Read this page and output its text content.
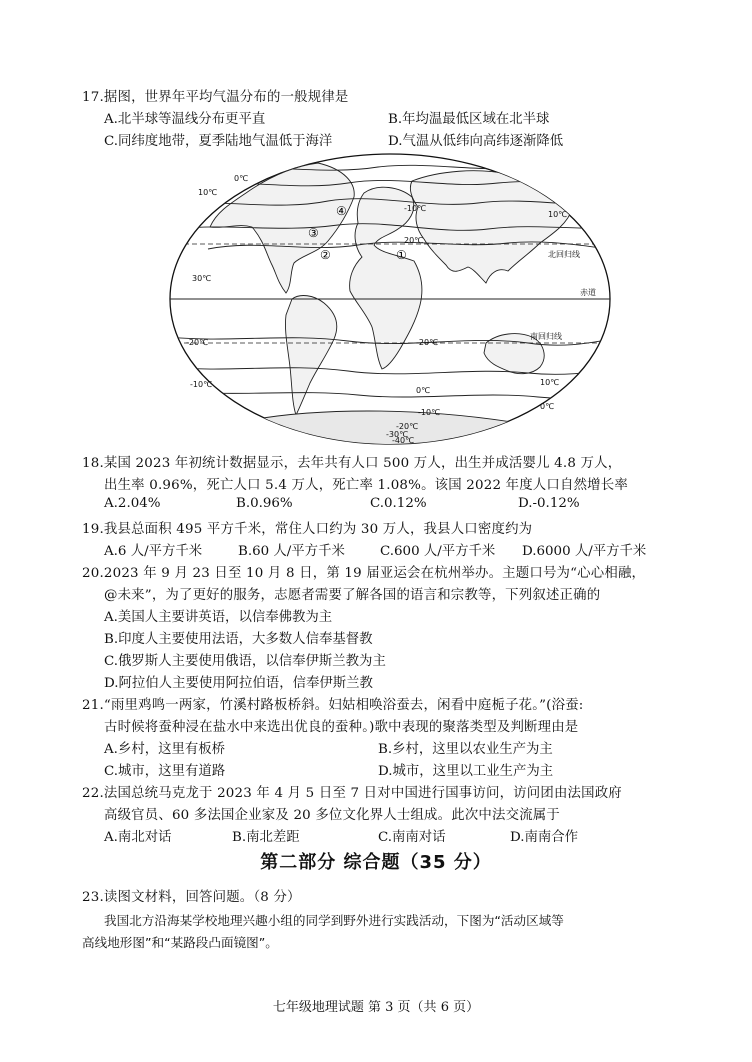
17.据图，世界年平均气温分布的一般规律是
A.北半球等温线分布更平直	B.年均温最低区域在北半球
C.同纬度地带，夏季陆地气温低于海洋	D.气温从低纬向高纬逐渐降低
10℃
0℃
30℃
20℃
-10℃
10℃
北回归线
赤道
南回归线
-20℃
-20℃
-10℃
0℃
10℃
0℃
-10℃
-20℃
-30℃
-40℃
①
②
③
④
18.某国 2023 年初统计数据显示，去年共有人口 500 万人，出生并成活婴儿 4.8 万人，
出生率 0.96%，死亡人口 5.4 万人，死亡率 1.08%。该国 2022 年度人口自然增长率
A.2.04%	B.0.96%	C.0.12%	D.-0.12%
19.我县总面积 495 平方千米，常住人口约为 30 万人，我县人口密度约为
A.6 人/平方千米	B.60 人/平方千米	C.600 人/平方千米 D.6000 人/平方千米
20.2023 年 9 月 23 日至 10 月 8 日，第 19 届亚运会在杭州举办。主题口号为“心心相融，
@未来”，为了更好的服务，志愿者需要了解各国的语言和宗教等，下列叙述正确的
A.美国人主要讲英语，以信奉佛教为主
B.印度人主要使用法语，大多数人信奉基督教
C.俄罗斯人主要使用俄语，以信奉伊斯兰教为主
D.阿拉伯人主要使用阿拉伯语，信奉伊斯兰教
21.“雨里鸡鸣一两家，竹溪村路板桥斜。妇姑相唤浴蚕去，闲看中庭栀子花。”(浴蚕:
古时候将蚕种浸在盐水中来选出优良的蚕种。)歌中表现的聚落类型及判断理由是
A.乡村，这里有板桥	B.乡村，这里以农业生产为主
C.城市，这里有道路	D.城市，这里以工业生产为主
22.法国总统马克龙于 2023 年 4 月 5 日至 7 日对中国进行国事访问，访问团由法国政府
高级官员、60 多法国企业家及 20 多位文化界人士组成。此次中法交流属于
A.南北对话	B.南北差距	C.南南对话	D.南南合作
第二部分 综合题（35 分）
23.读图文材料，回答问题。（8 分）
我国北方沿海某学校地理兴趣小组的同学到野外进行实践活动，下图为“活动区域等
高线地形图”和“某路段凸面镜图”。
七年级地理试题 第 3 页（共 6 页）
